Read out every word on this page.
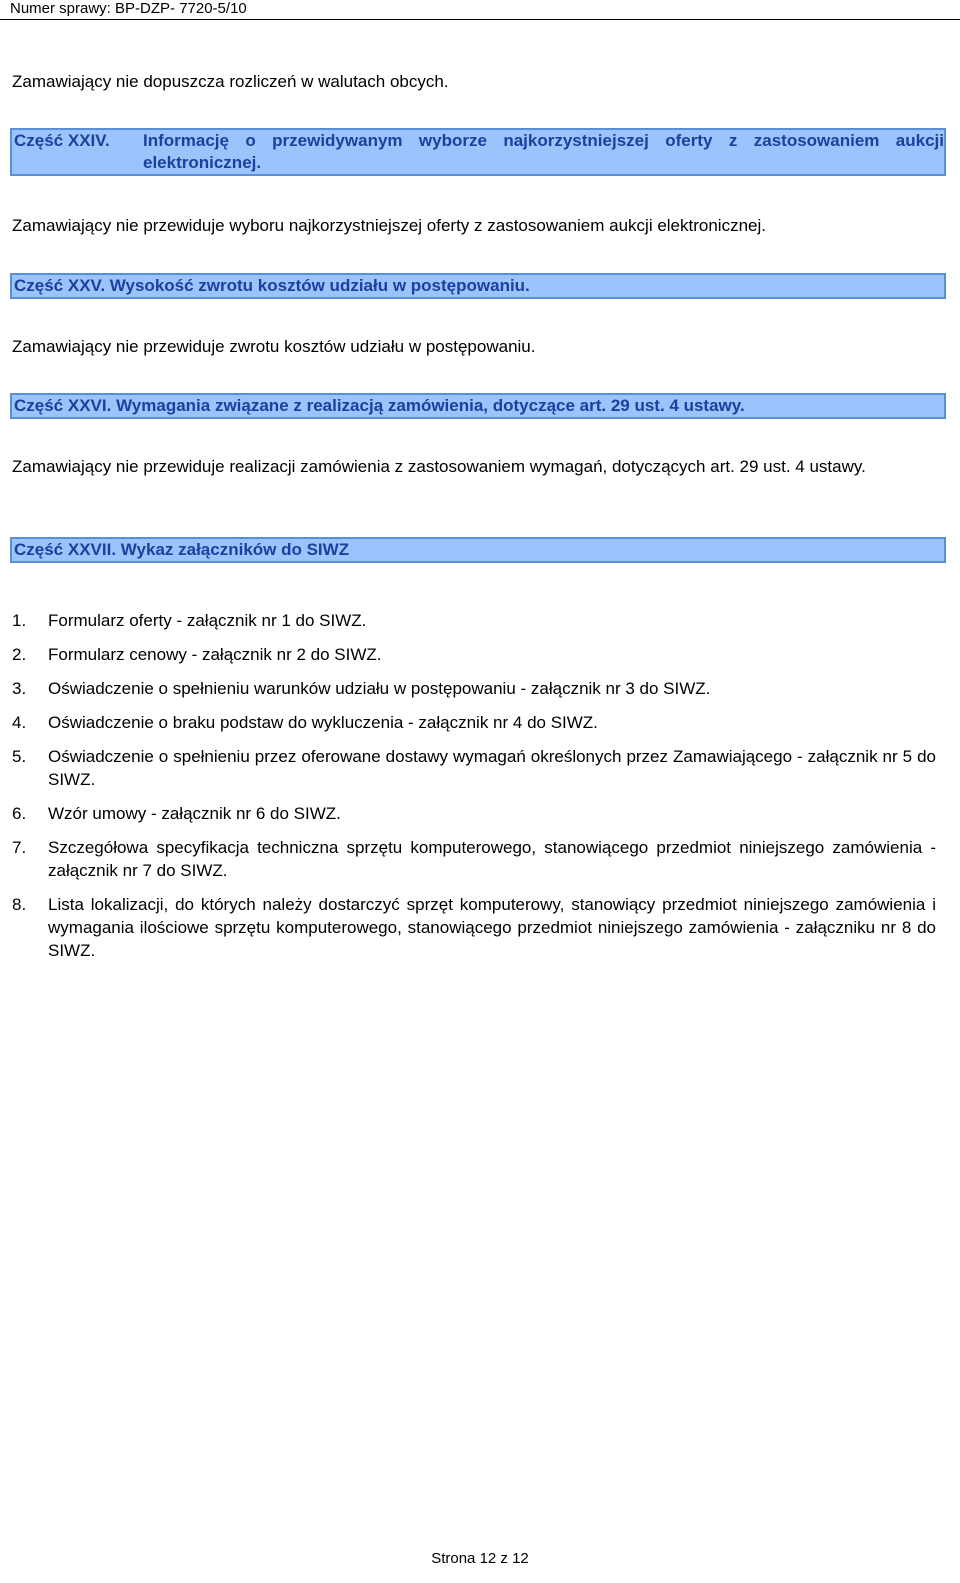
Numer sprawy: BP-DZP- 7720-5/10

Zamawiający nie dopuszcza rozliczeń w walutach obcych.

Część XXIV.	Informację o przewidywanym wyborze najkorzystniejszej oferty z zastosowaniem aukcji elektronicznej.

Zamawiający nie przewiduje wyboru najkorzystniejszej oferty z zastosowaniem aukcji elektronicznej.

Część XXV. Wysokość zwrotu kosztów udziału w postępowaniu.

Zamawiający nie przewiduje zwrotu kosztów udziału w postępowaniu.

Część XXVI. Wymagania związane z realizacją zamówienia, dotyczące art. 29 ust. 4 ustawy.

Zamawiający nie przewiduje realizacji zamówienia z zastosowaniem wymagań, dotyczących art. 29 ust. 4 ustawy.

Część XXVII. Wykaz załączników do SIWZ
1.	Formularz oferty - załącznik nr 1 do SIWZ.
2.	Formularz cenowy - załącznik nr 2 do SIWZ.
3.	Oświadczenie o spełnieniu warunków udziału w postępowaniu - załącznik nr 3 do SIWZ.
4.	Oświadczenie o braku podstaw do wykluczenia - załącznik nr 4 do SIWZ.
5.	Oświadczenie o spełnieniu przez oferowane dostawy wymagań określonych przez Zamawiającego - załącznik nr 5 do SIWZ.
6.	Wzór umowy - załącznik nr 6 do SIWZ.
7.	Szczegółowa specyfikacja techniczna sprzętu komputerowego, stanowiącego przedmiot niniejszego zamówienia - załącznik nr 7 do SIWZ.
8.	Lista lokalizacji, do których należy dostarczyć sprzęt komputerowy, stanowiący przedmiot niniejszego zamówienia i wymagania ilościowe sprzętu komputerowego, stanowiącego przedmiot niniejszego zamówienia - załączniku nr 8 do SIWZ.
Strona 12 z 12
